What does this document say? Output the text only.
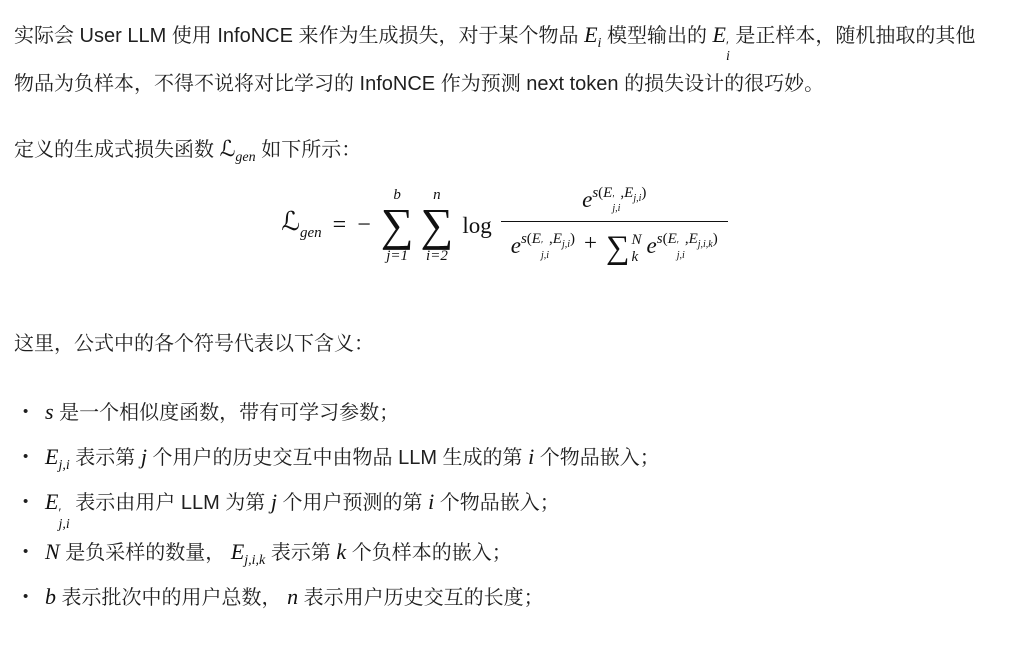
实际会 User LLM 使用 InfoNCE 来作为生成损失，对于某个物品 $E_i$ 模型输出的 E ′
i
是正样本，随机抽取的其他物品为负样本，不得不说将对比学习的 InfoNCE 作为预测 next token 的损失设计的很巧妙。

定义的生成式损失函数 ℒ$_{gen}$ 如下所示：

ℒ$_{gen}$ = −
b
∑
j=1
n
∑
i=2
$\log e^{s(E ' j,i ,E_{j,i})}$
$e^{s(E ' j,i ,E_{j,i})}$ + ∑ N
k $e^{s(E ' j,i ,E_{j,i,k})}$

这里，公式中的各个符号代表以下含义：

• s 是一个相似度函数，带有可学习参数；
• $E_{j,i}$ 表示第 j 个用户的历史交互中由物品 LLM 生成的第 i 个物品嵌入；
• E ′
j,i
表示由用户 LLM 为第 j 个用户预测的第 i 个物品嵌入；
• N 是负采样的数量， $E_{j,i,k}$ 表示第 k 个负样本的嵌入；
• b 表示批次中的用户总数， n 表示用户历史交互的长度；
